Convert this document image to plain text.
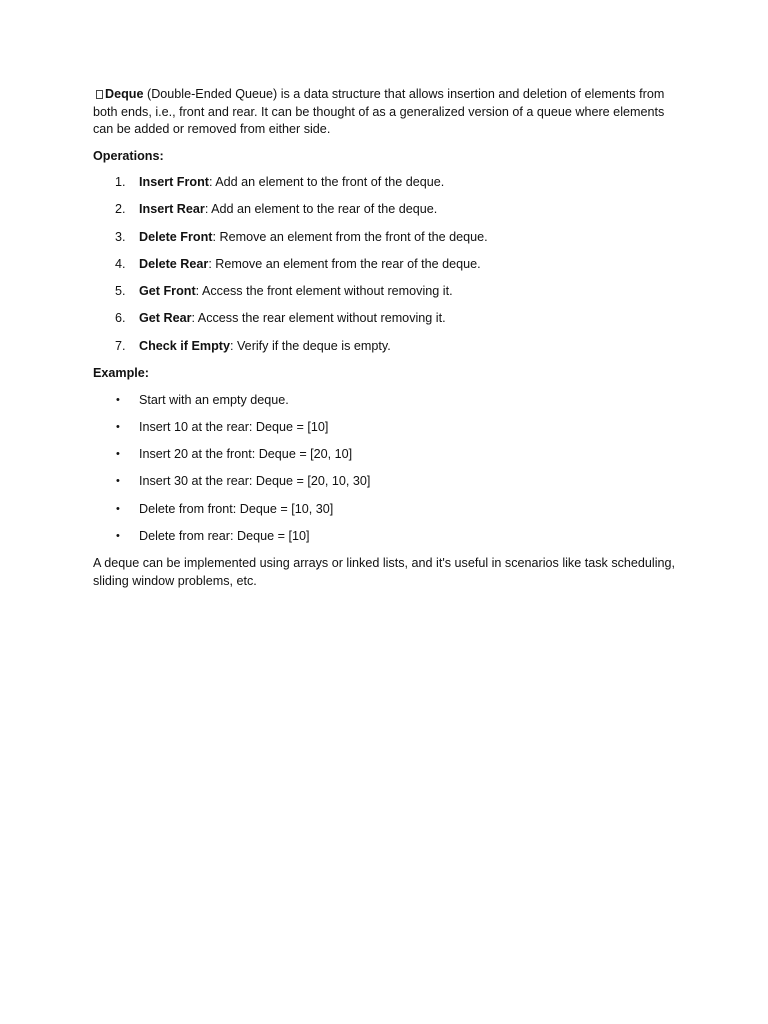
Deque (Double-Ended Queue) is a data structure that allows insertion and deletion of elements from both ends, i.e., front and rear. It can be thought of as a generalized version of a queue where elements can be added or removed from either side.

Operations:

1. Insert Front: Add an element to the front of the deque.
2. Insert Rear: Add an element to the rear of the deque.
3. Delete Front: Remove an element from the front of the deque.
4. Delete Rear: Remove an element from the rear of the deque.
5. Get Front: Access the front element without removing it.
6. Get Rear: Access the rear element without removing it.
7. Check if Empty: Verify if the deque is empty.

Example:

• Start with an empty deque.
• Insert 10 at the rear: Deque = [10]
• Insert 20 at the front: Deque = [20, 10]
• Insert 30 at the rear: Deque = [20, 10, 30]
• Delete from front: Deque = [10, 30]
• Delete from rear: Deque = [10]

A deque can be implemented using arrays or linked lists, and it's useful in scenarios like task scheduling, sliding window problems, etc.
